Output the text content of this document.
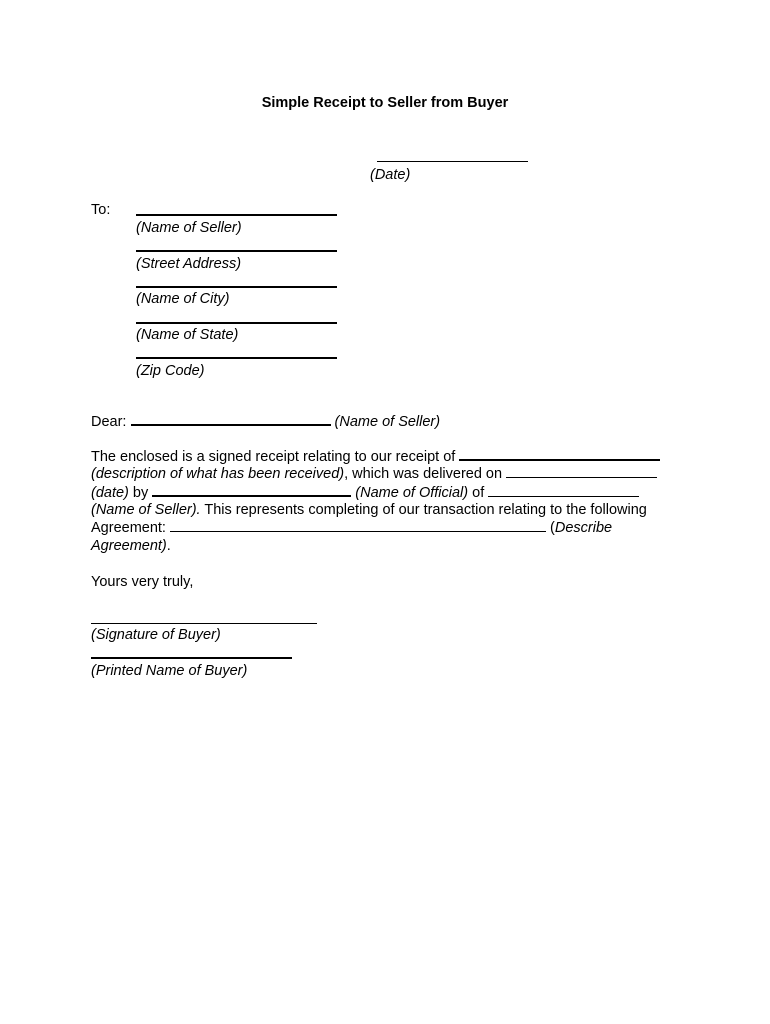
Simple Receipt to Seller from Buyer
(Date)
To:
(Name of Seller)
(Street Address)
(Name of City)
(Name of State)
(Zip Code)
Dear:	(Name of Seller)
The enclosed is a signed receipt relating to our receipt of
(description of what has been received), which was delivered on
(date) by	(Name of Official) of
(Name of Seller). This represents completing of our transaction relating to the following
Agreement:	(Describe
Agreement).
Yours very truly,
(Signature of Buyer)
(Printed Name of Buyer)
